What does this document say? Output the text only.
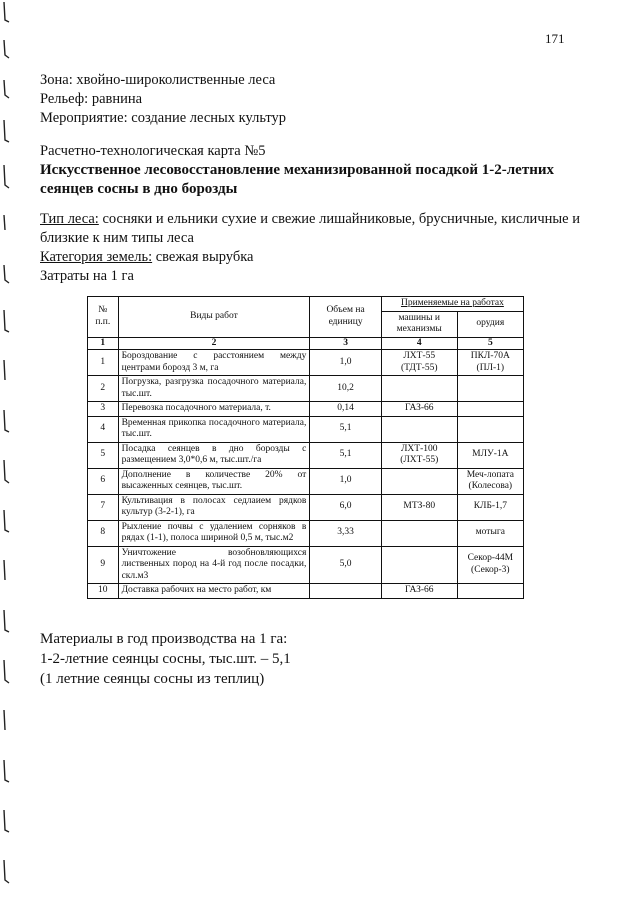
171
Зона: хвойно-широколиственные леса
Рельеф: равнина
Мероприятие: создание лесных культур
Расчетно-технологическая карта №5
Искусственное лесовосстановление механизированной посадкой 1-2-летних сеянцев сосны в дно борозды
Тип леса: сосняки и ельники сухие и свежие лишайниковые, брусничные, кисличные и близкие к ним типы леса
Категория земель: свежая вырубка
Затраты на 1 га
№ п.п.	Виды работ	Объем на единицу	Применяемые на работах	
			машины и механизмы	орудия
1	2	3	4	5
1	Бороздование с расстоянием между центрами борозд 3 м, га	1,0	ЛХТ-55 (ТДТ-55)	ПКЛ-70А (ПЛ-1)
2	Погрузка, разгрузка посадочного материала, тыс.шт.	10,2		
3	Перевозка посадочного материала, т.	0,14	ГАЗ-66	
4	Временная прикопка посадочного материала, тыс.шт.	5,1		
5	Посадка сеянцев в дно борозды с размещением 3,0*0,6 м, тыс.шт./га	5,1	ЛХТ-100 (ЛХТ-55)	МЛУ-1А
6	Дополнение в количестве 20% от высаженных сеянцев, тыс.шт.	1,0		Меч-лопата (Колесова)
7	Культивация в полосах седлаием рядков культур (3-2-1), га	6,0	МТЗ-80	КЛБ-1,7
8	Рыхление почвы с удалением сорняков в рядах (1-1), полоса шириной 0,5 м, тыс.м2	3,33		мотыга
9	Уничтожение возобновляющихся лиственных пород на 4-й год после посадки, скл.м3	5,0		Секор-44М (Секор-3)
10	Доставка рабочих на место работ, км		ГАЗ-66	
Материалы в год производства на 1 га:
1-2-летние сеянцы сосны, тыс.шт. – 5,1
(1 летние сеянцы сосны из теплиц)
